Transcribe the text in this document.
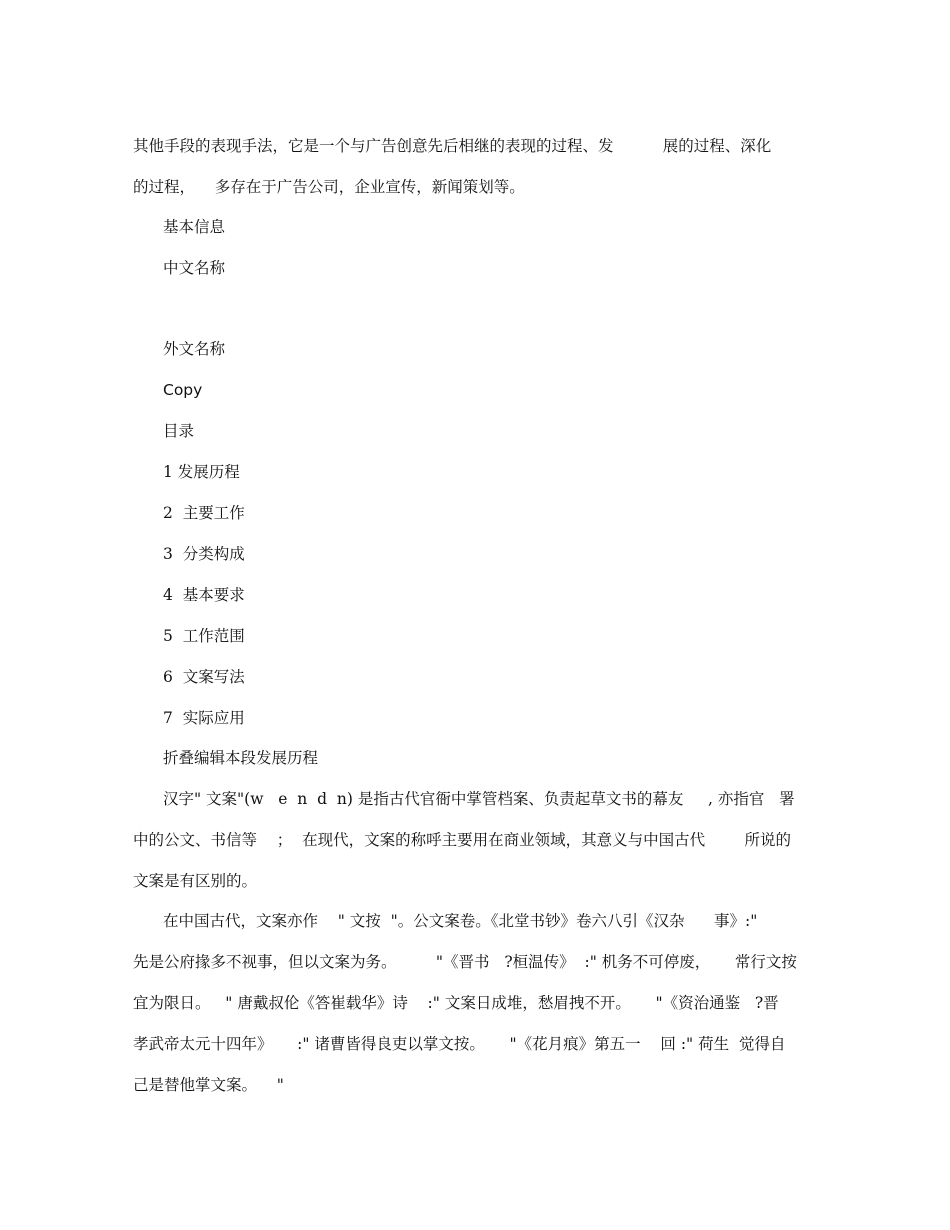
其他手段的表现手法，它是一个与广告创意先后相继的表现的过程、发          展的过程、深化
的过程，    多存在于广告公司，企业宣传，新闻策划等。
基本信息
中文名称
外文名称
Copy
目录
1 发展历程
2  主要工作
3  分类构成
4  基本要求
5  工作范围
6  文案写法
7  实际应用
折叠编辑本段发展历程
汉字" 文案"(w   e  n  d  n) 是指古代官衙中掌管档案、负责起草文书的幕友     , 亦指官   署
中的公文、书信等    ；  在现代，文案的称呼主要用在商业领域，其意义与中国古代        所说的
文案是有区别的。
在中国古代，文案亦作    " 文按  "。公文案卷。《北堂书钞》卷六八引《汉杂      事》:"
先是公府掾多不视事，但以文案为务。        "《晋书   ?桓温传》  :" 机务不可停废，     常行文按
宜为限日。   " 唐戴叔伦《答崔载华》诗    :" 文案日成堆，愁眉拽不开。     "《资治通鉴   ?晋
孝武帝太元十四年》     :" 诸曹皆得良吏以掌文按。     "《花月痕》第五一    回 :" 荷生  觉得自
己是替他掌文案。    "
